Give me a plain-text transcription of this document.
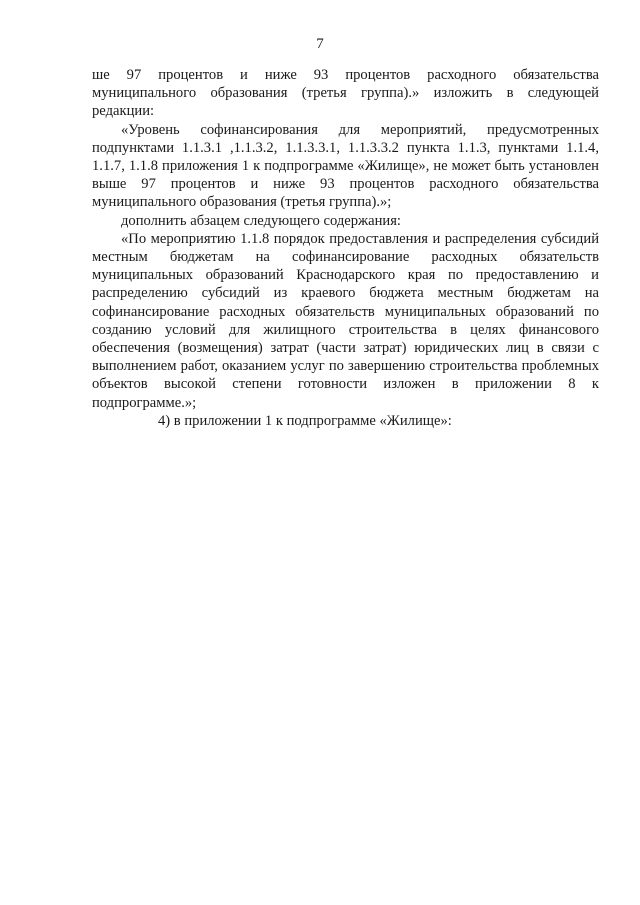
7

ше 97 процентов и ниже 93 процентов расходного обязательства муниципального образования (третья группа).» изложить в следующей редакции:

«Уровень софинансирования для мероприятий, предусмотренных подпунктами 1.1.3.1 ,1.1.3.2, 1.1.3.3.1, 1.1.3.3.2 пункта 1.1.3, пунктами 1.1.4, 1.1.7, 1.1.8 приложения 1 к подпрограмме «Жилище», не может быть установлен выше 97 процентов и ниже 93 процентов расходного обязательства муниципального образования (третья группа).»;

дополнить абзацем следующего содержания:

«По мероприятию 1.1.8 порядок предоставления и распределения субсидий местным бюджетам на софинансирование расходных обязательств муниципальных образований Краснодарского края по предоставлению и распределению субсидий из краевого бюджета местным бюджетам на софинансирование расходных обязательств муниципальных образований по созданию условий для жилищного строительства в целях финансового обеспечения (возмещения) затрат (части затрат) юридических лиц в связи с выполнением работ, оказанием услуг по завершению строительства проблемных объектов высокой степени готовности изложен в приложении 8 к подпрограмме.»;

4) в приложении 1 к подпрограмме «Жилище»:
